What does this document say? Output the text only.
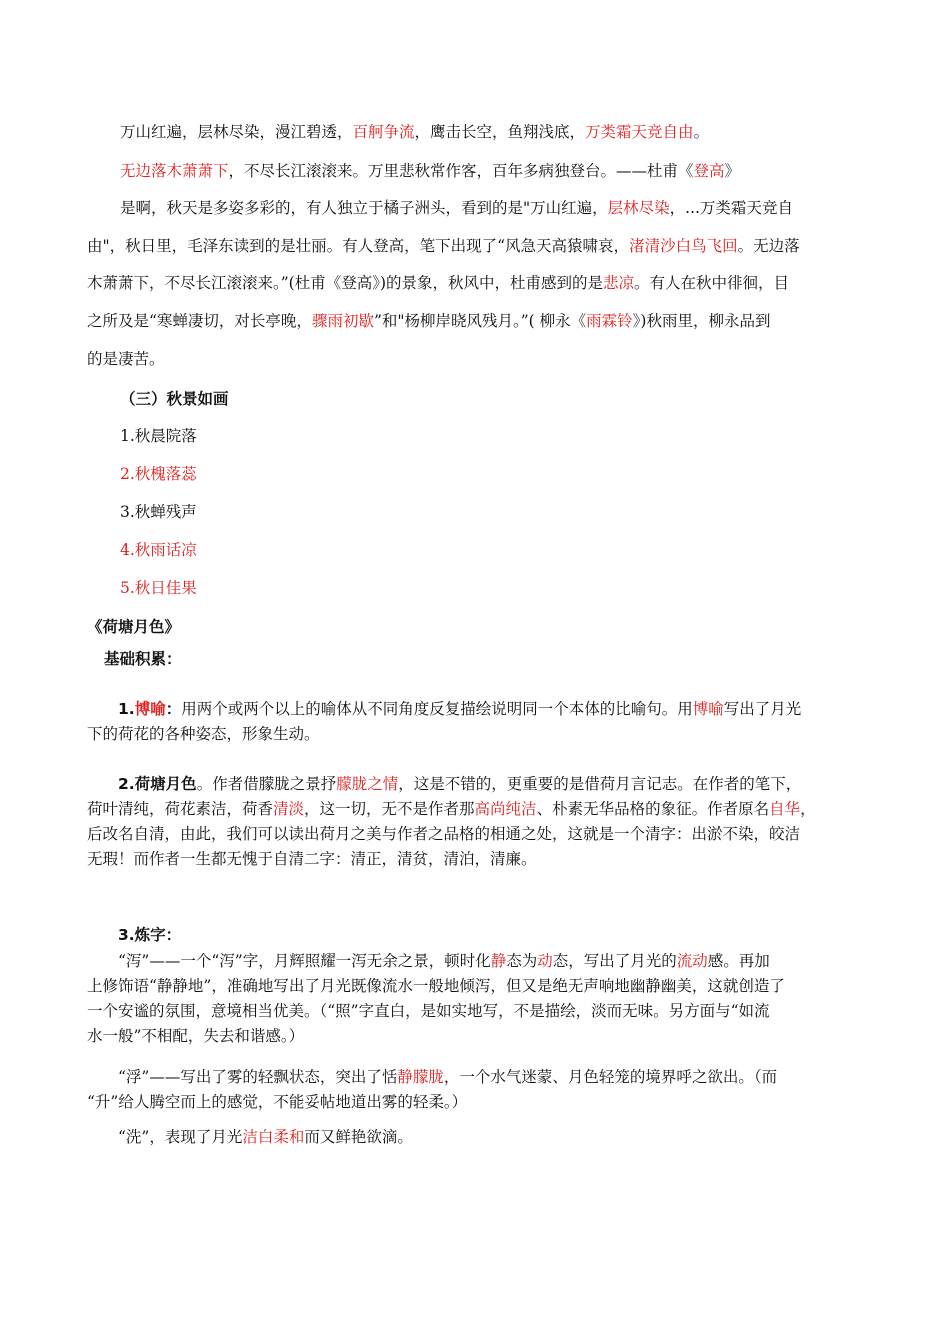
万山红遍，层林尽染，漫江碧透，百舸争流，鹰击长空，鱼翔浅底，万类霜天竞自由。
无边落木萧萧下，不尽长江滚滚来。万里悲秋常作客，百年多病独登台。——杜甫《登高》
是啊，秋天是多姿多彩的，有人独立于橘子洲头，看到的是"万山红遍，层林尽染，...万类霜天竞自
由"，秋日里，毛泽东读到的是壮丽。有人登高，笔下出现了“风急天高猿啸哀，渚清沙白鸟飞回。无边落
木萧萧下，不尽长江滚滚来。”(杜甫《登高》)的景象，秋风中，杜甫感到的是悲凉。有人在秋中徘徊，目
之所及是“寒蝉凄切，对长亭晚，骤雨初歇”和"杨柳岸晓风残月。”( 柳永《雨霖铃》)秋雨里，柳永品到
的是凄苦。
（三）秋景如画
1.秋晨院落
2.秋槐落蕊
3.秋蝉残声
4.秋雨话凉
5.秋日佳果
《荷塘月色》
基础积累：
1.博喻：用两个或两个以上的喻体从不同角度反复描绘说明同一个本体的比喻句。用博喻写出了月光
下的荷花的各种姿态，形象生动。
2.荷塘月色。作者借朦胧之景抒朦胧之情，这是不错的，更重要的是借荷月言记志。在作者的笔下，
荷叶清纯，荷花素洁，荷香清淡，这一切，无不是作者那高尚纯洁、朴素无华品格的象征。作者原名自华，
后改名自清，由此，我们可以读出荷月之美与作者之品格的相通之处，这就是一个清字：出淤不染，皎洁
无瑕！而作者一生都无愧于自清二字：清正，清贫，清泊，清廉。
3.炼字：
“泻”——一个“泻”字，月辉照耀一泻无余之景，顿时化静态为动态，写出了月光的流动感。再加
上修饰语“静静地”，准确地写出了月光既像流水一般地倾泻，但又是绝无声响地幽静幽美，这就创造了
一个安谧的氛围，意境相当优美。（“照”字直白，是如实地写，不是描绘，淡而无味。另方面与“如流
水一般”不相配，失去和谐感。）
“浮”——写出了雾的轻飘状态，突出了恬静朦胧，一个水气迷蒙、月色轻笼的境界呼之欲出。（而
“升”给人腾空而上的感觉，不能妥帖地道出雾的轻柔。）
“洗”，表现了月光洁白柔和而又鲜艳欲滴。
